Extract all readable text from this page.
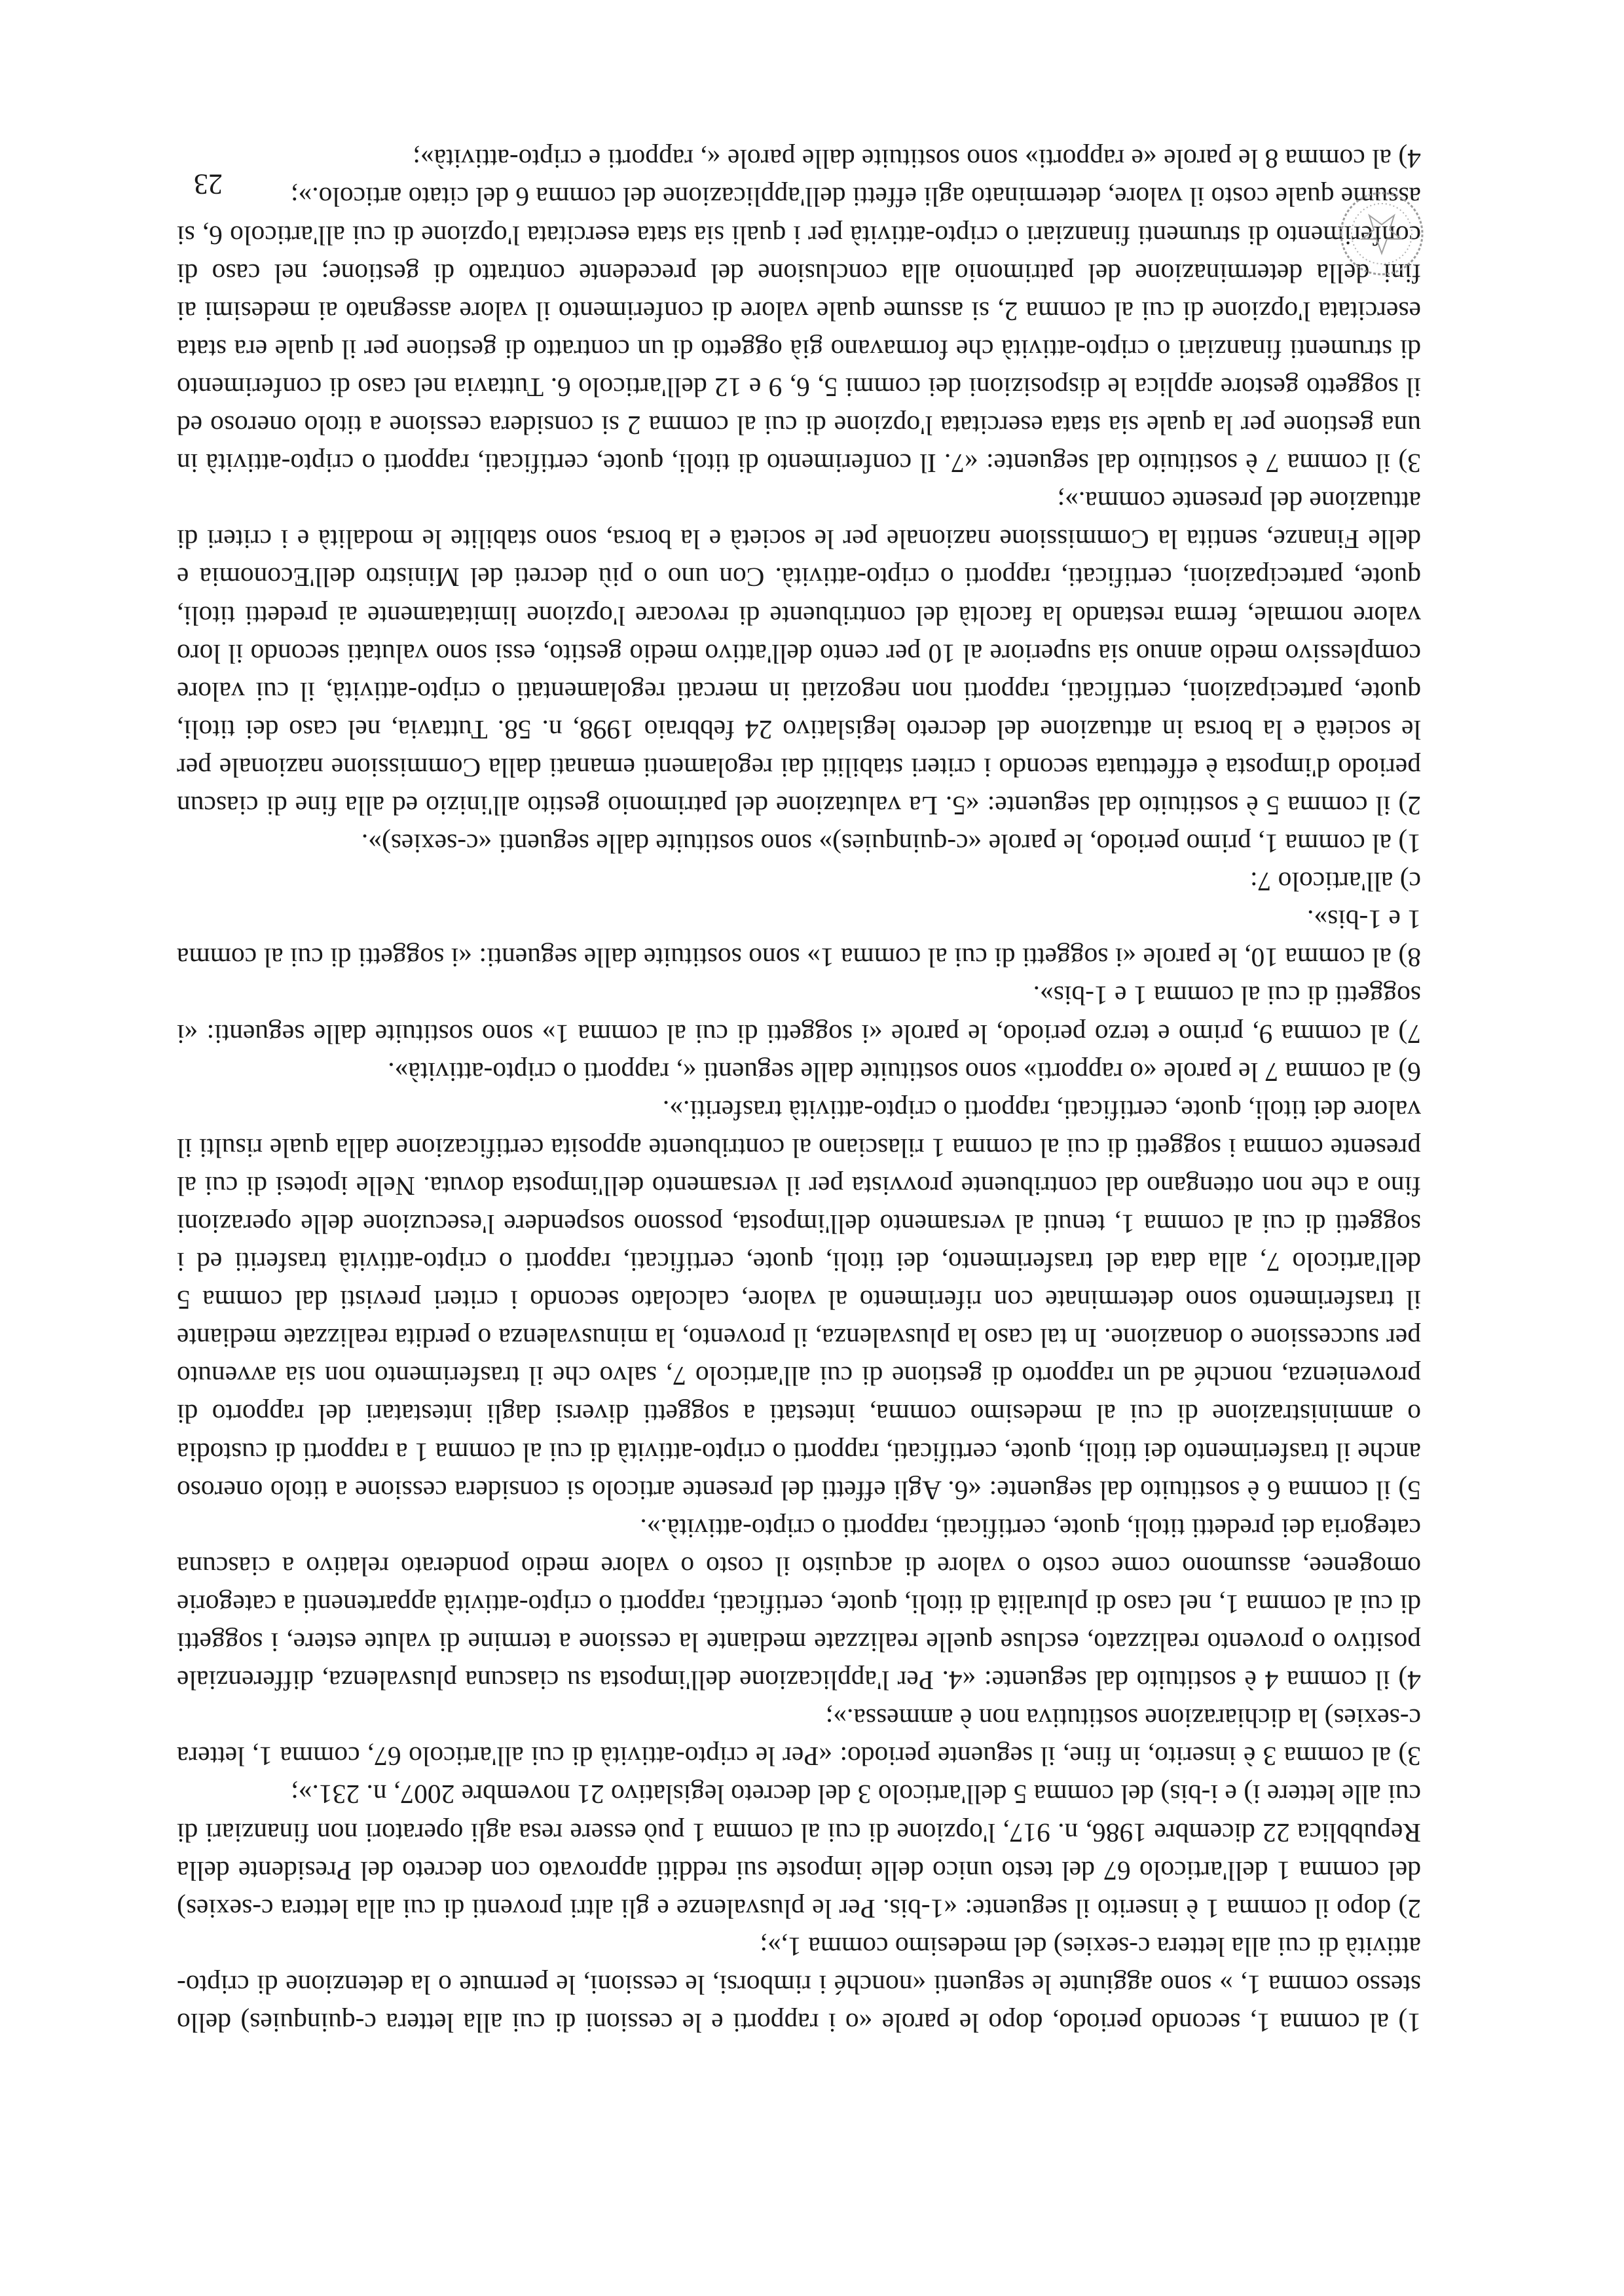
1) al comma 1, secondo periodo, dopo le parole «o i rapporti e le cessioni di cui alla lettera c-quinquies) dello stesso comma 1, » sono aggiunte le seguenti «nonché i rimborsi, le cessioni, le permute o la detenzione di cripto-attività di cui alla lettera c-sexies) del medesimo comma 1,»;

2) dopo il comma 1 è inserito il seguente: «1-bis. Per le plusvalenze e gli altri proventi di cui alla lettera c-sexies) del comma 1 dell'articolo 67 del testo unico delle imposte sui redditi approvato con decreto del Presidente della Repubblica 22 dicembre 1986, n. 917, l'opzione di cui al comma 1 può essere resa agli operatori non finanziari di cui alle lettere i) e i-bis) del comma 5 dell'articolo 3 del decreto legislativo 21 novembre 2007, n. 231.»;

3) al comma 3 è inserito, in fine, il seguente periodo: «Per le cripto-attività di cui all'articolo 67, comma 1, lettera c-sexies) la dichiarazione sostitutiva non è ammessa.»;

4) il comma 4 è sostituito dal seguente: «4. Per l'applicazione dell'imposta su ciascuna plusvalenza, differenziale positivo o provento realizzato, escluse quelle realizzate mediante la cessione a termine di valute estere, i soggetti di cui al comma 1, nel caso di pluralità di titoli, quote, certificati, rapporti o cripto-attività appartenenti a categorie omogenee, assumono come costo o valore di acquisto il costo o valore medio ponderato relativo a ciascuna categoria dei predetti titoli, quote, certificati, rapporti o cripto-attività.».

5) il comma 6 è sostituito dal seguente: «6. Agli effetti del presente articolo si considera cessione a titolo oneroso anche il trasferimento dei titoli, quote, certificati, rapporti o cripto-attività di cui al comma 1 a rapporti di custodia o amministrazione di cui al medesimo comma, intestati a soggetti diversi dagli intestatari del rapporto di provenienza, nonché ad un rapporto di gestione di cui all'articolo 7, salvo che il trasferimento non sia avvenuto per successione o donazione. In tal caso la plusvalenza, il provento, la minusvalenza o perdita realizzate mediante il trasferimento sono determinate con riferimento al valore, calcolato secondo i criteri previsti dal comma 5 dell'articolo 7, alla data del trasferimento, dei titoli, quote, certificati, rapporti o cripto-attività trasferiti ed i soggetti di cui al comma 1, tenuti al versamento dell'imposta, possono sospendere l'esecuzione delle operazioni fino a che non ottengano dal contribuente provvista per il versamento dell'imposta dovuta. Nelle ipotesi di cui al presente comma i soggetti di cui al comma 1 rilasciano al contribuente apposita certificazione dalla quale risulti il valore dei titoli, quote, certificati, rapporti o cripto-attività trasferiti.».

6) al comma 7 le parole «o rapporti» sono sostituite dalle seguenti «, rapporti o cripto-attività».

7) al comma 9, primo e terzo periodo, le parole «i soggetti di cui al comma 1» sono sostituite dalle seguenti: «i soggetti di cui al comma 1 e 1-bis».

8) al comma 10, le parole «i soggetti di cui al comma 1» sono sostituite dalle seguenti: «i soggetti di cui al comma 1 e 1-bis».

c) all'articolo 7:

1) al comma 1, primo periodo, le parole «c-quinquies)» sono sostituite dalle seguenti «c-sexies)».

2) il comma 5 è sostituito dal seguente: «5. La valutazione del patrimonio gestito all'inizio ed alla fine di ciascun periodo d'imposta è effettuata secondo i criteri stabiliti dai regolamenti emanati dalla Commissione nazionale per le società e la borsa in attuazione del decreto legislativo 24 febbraio 1998, n. 58. Tuttavia, nel caso dei titoli, quote, partecipazioni, certificati, rapporti non negoziati in mercati regolamentati o cripto-attività, il cui valore complessivo medio annuo sia superiore al 10 per cento dell'attivo medio gestito, essi sono valutati secondo il loro valore normale, ferma restando la facoltà del contribuente di revocare l'opzione limitatamente ai predetti titoli, quote, partecipazioni, certificati, rapporti o cripto-attività. Con uno o più decreti del Ministro dell'Economia e delle Finanze, sentita la Commissione nazionale per le società e la borsa, sono stabilite le modalità e i criteri di attuazione del presente comma.»;

3) il comma 7 è sostituito dal seguente: «7. Il conferimento di titoli, quote, certificati, rapporti o cripto-attività in una gestione per la quale sia stata esercitata l'opzione di cui al comma 2 si considera cessione a titolo oneroso ed il soggetto gestore applica le disposizioni dei commi 5, 6, 9 e 12 dell'articolo 6. Tuttavia nel caso di conferimento di strumenti finanziari o cripto-attività che formavano già oggetto di un contratto di gestione per il quale era stata esercitata l'opzione di cui al comma 2, si assume quale valore di conferimento il valore assegnato ai medesimi ai fini della determinazione del patrimonio alla conclusione del precedente contratto di gestione; nel caso di conferimento di strumenti finanziari o cripto-attività per i quali sia stata esercitata l'opzione di cui all'articolo 6, si assume quale costo il valore, determinato agli effetti dell'applicazione del comma 6 del citato articolo.»;

4) al comma 8 le parole «e rapporti» sono sostituite dalle parole «, rapporti e cripto-attività»;

23
